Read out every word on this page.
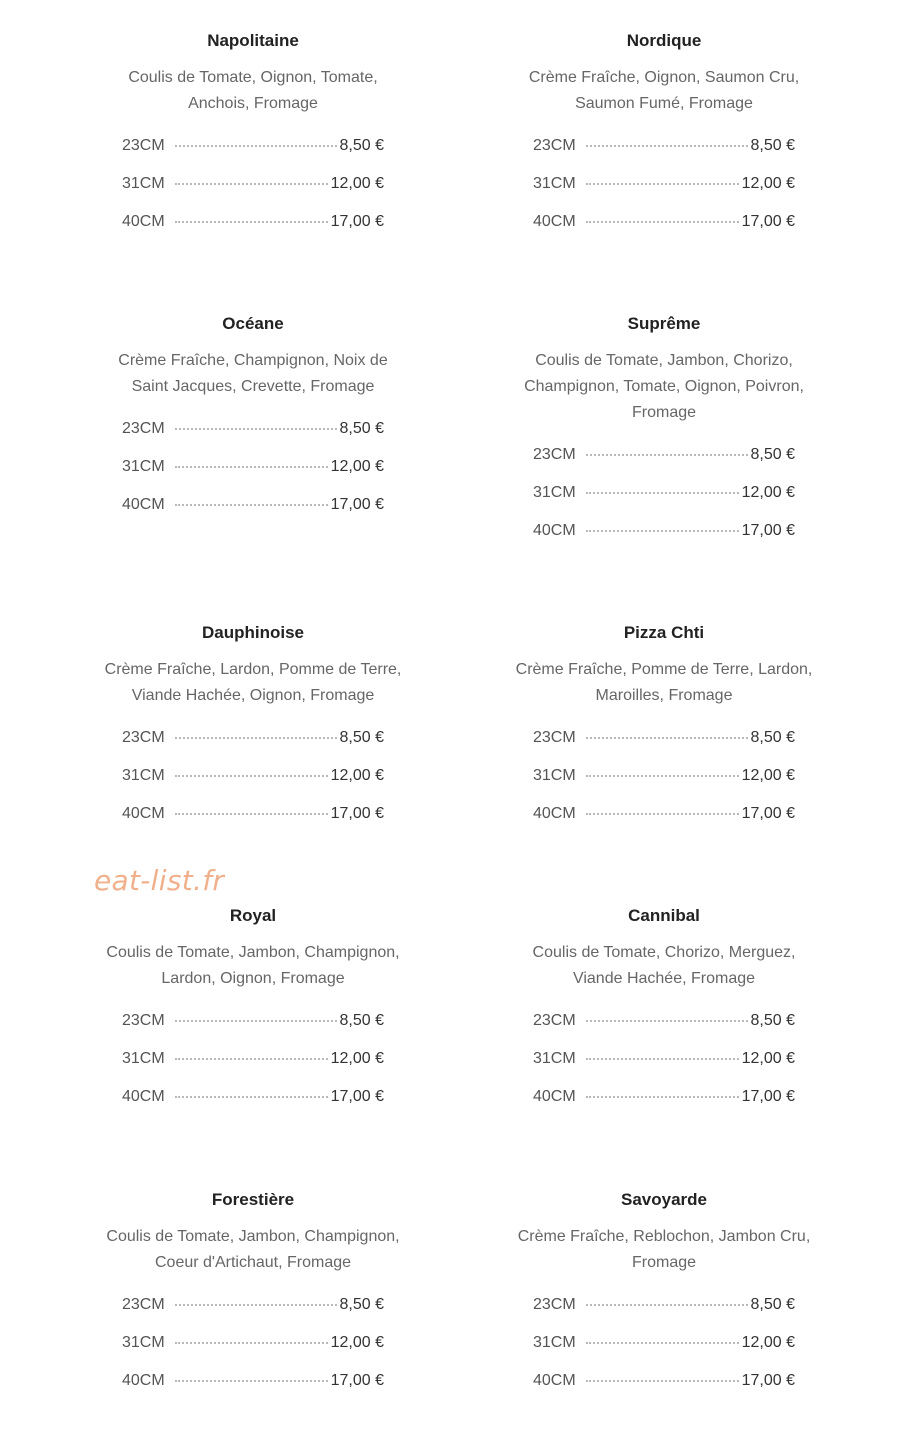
Napolitaine
Coulis de Tomate, Oignon, Tomate, Anchois, Fromage
23CM	8,50 €
31CM	12,00 €
40CM	17,00 €
Nordique
Crème Fraîche, Oignon, Saumon Cru, Saumon Fumé, Fromage
23CM	8,50 €
31CM	12,00 €
40CM	17,00 €
Océane
Crème Fraîche, Champignon, Noix de Saint Jacques, Crevette, Fromage
23CM	8,50 €
31CM	12,00 €
40CM	17,00 €
Suprême
Coulis de Tomate, Jambon, Chorizo, Champignon, Tomate, Oignon, Poivron, Fromage
23CM	8,50 €
31CM	12,00 €
40CM	17,00 €
Dauphinoise
Crème Fraîche, Lardon, Pomme de Terre, Viande Hachée, Oignon, Fromage
23CM	8,50 €
31CM	12,00 €
40CM	17,00 €
Pizza Chti
Crème Fraîche, Pomme de Terre, Lardon, Maroilles, Fromage
23CM	8,50 €
31CM	12,00 €
40CM	17,00 €
eat-list.fr
Royal
Coulis de Tomate, Jambon, Champignon, Lardon, Oignon, Fromage
23CM	8,50 €
31CM	12,00 €
40CM	17,00 €
Cannibal
Coulis de Tomate, Chorizo, Merguez, Viande Hachée, Fromage
23CM	8,50 €
31CM	12,00 €
40CM	17,00 €
Forestière
Coulis de Tomate, Jambon, Champignon, Coeur d'Artichaut, Fromage
23CM	8,50 €
31CM	12,00 €
40CM	17,00 €
Savoyarde
Crème Fraîche, Reblochon, Jambon Cru, Fromage
23CM	8,50 €
31CM	12,00 €
40CM	17,00 €
